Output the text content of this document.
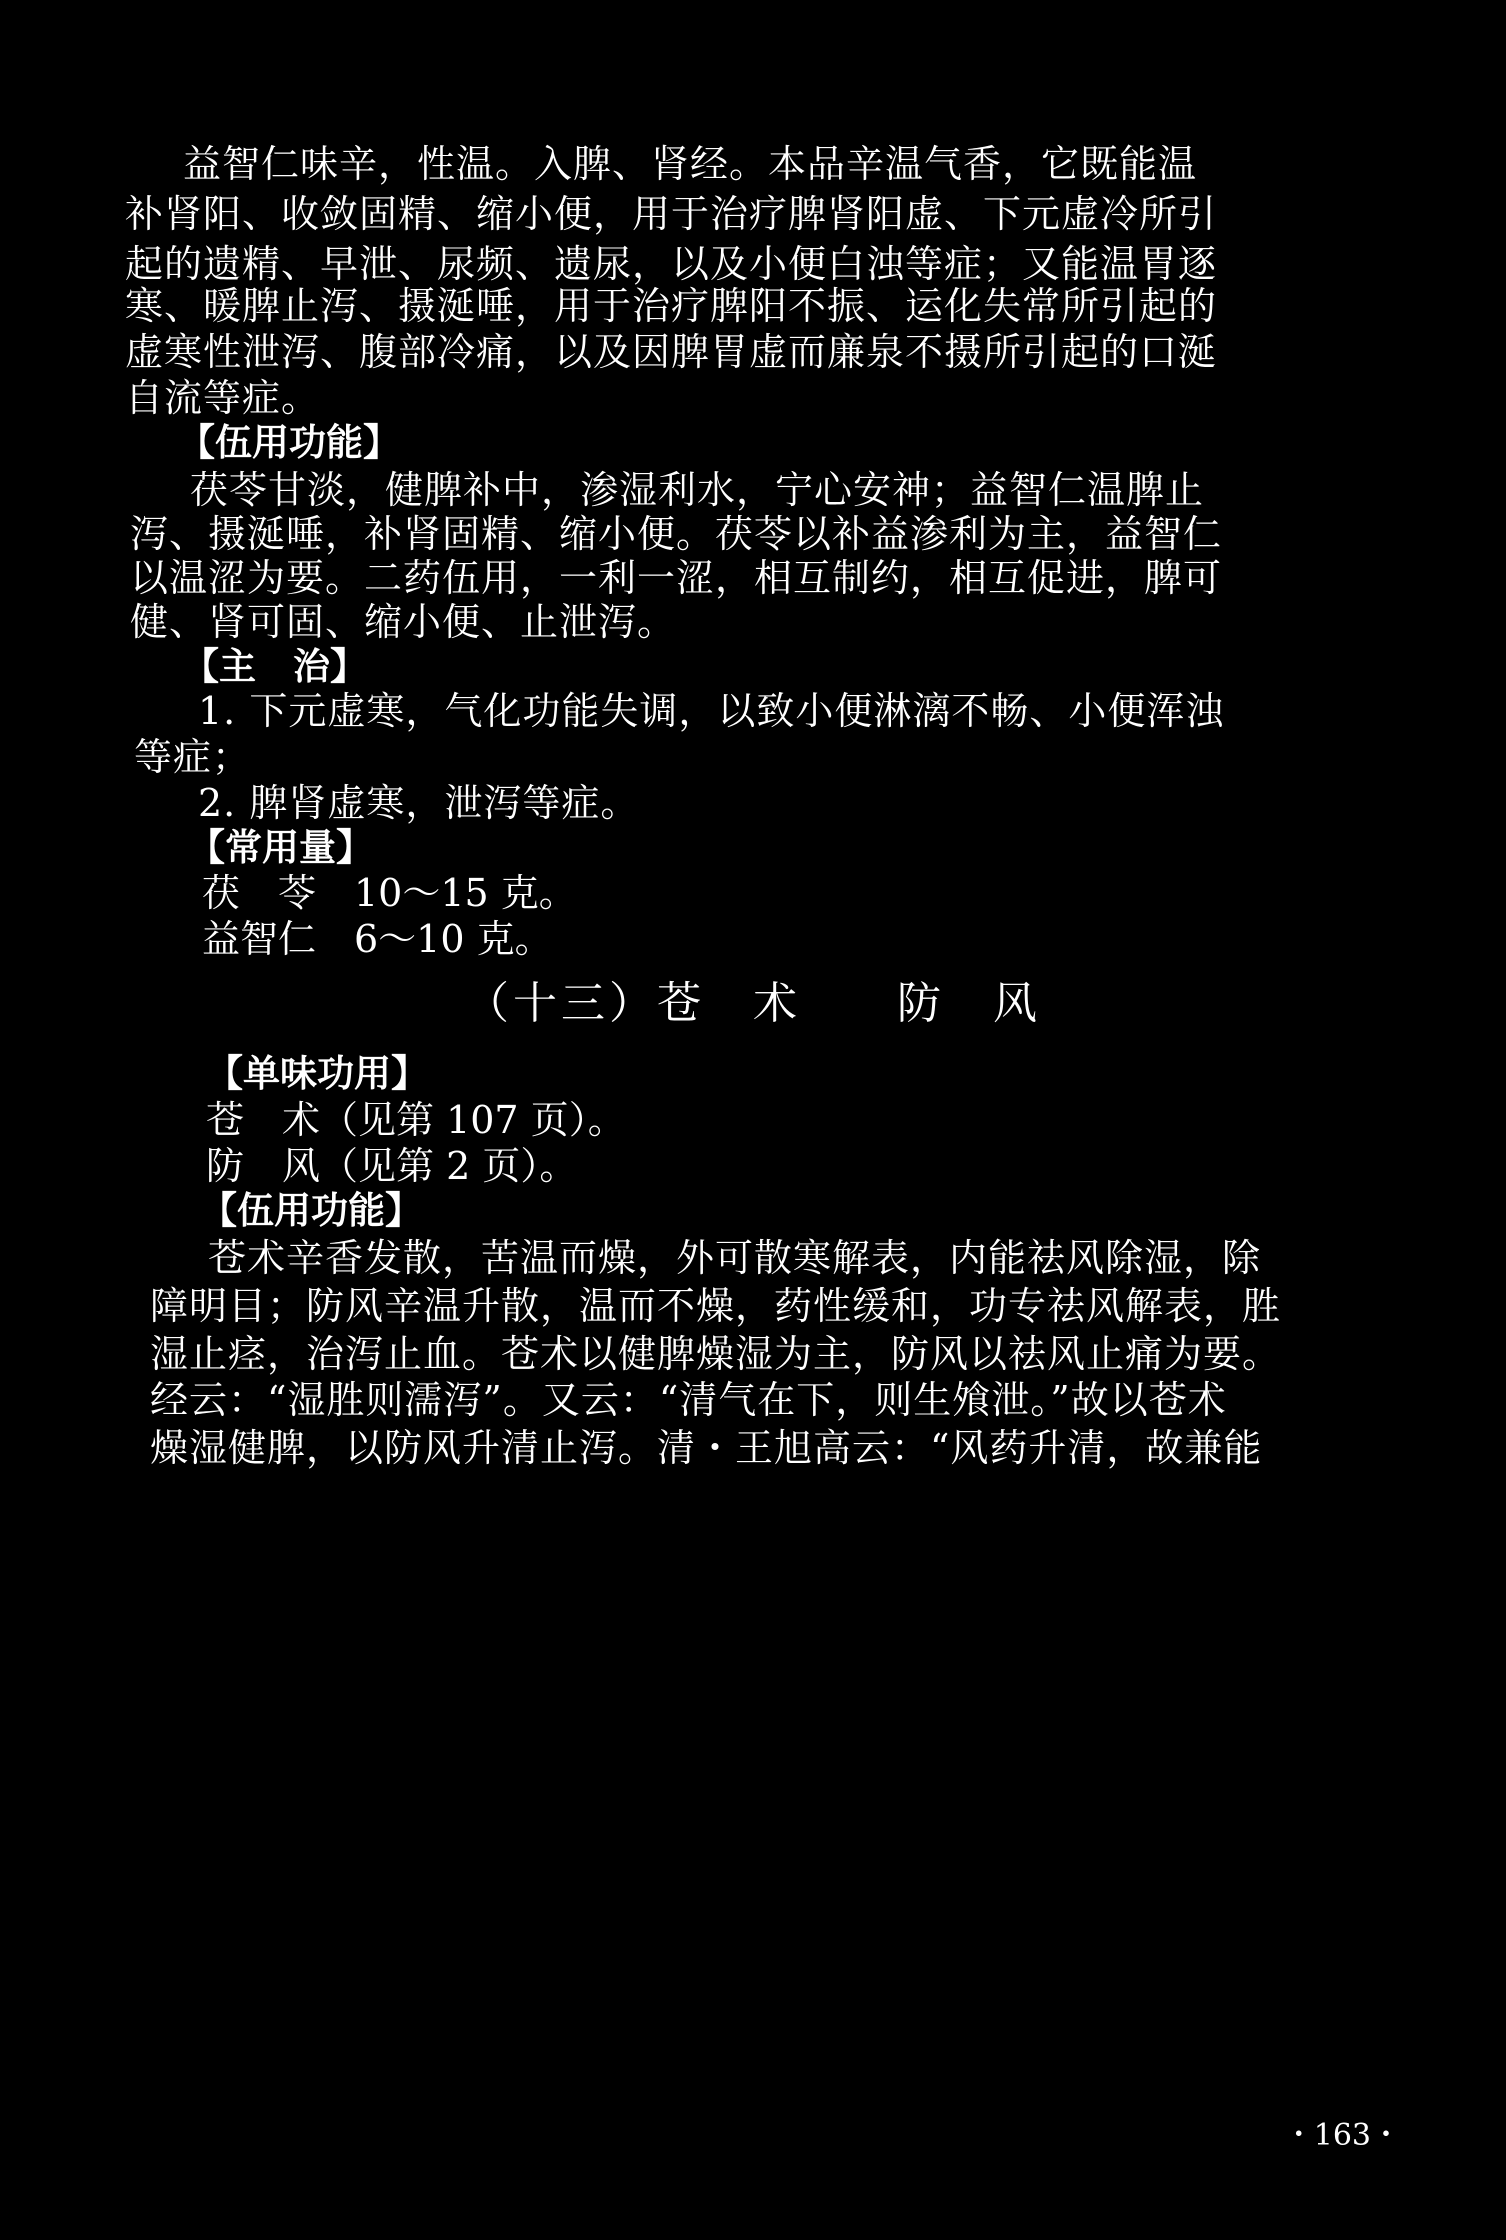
益智仁味辛，性温。入脾、肾经。本品辛温气香，它既能温
补肾阳、收敛固精、缩小便，用于治疗脾肾阳虚、下元虚冷所引
起的遗精、早泄、尿频、遗尿，以及小便白浊等症；又能温胃逐
寒、暖脾止泻、摄涎唾，用于治疗脾阳不振、运化失常所引起的
虚寒性泄泻、腹部冷痛，以及因脾胃虚而廉泉不摄所引起的口涎
自流等症。
【伍用功能】
茯苓甘淡，健脾补中，渗湿利水，宁心安神；益智仁温脾止
泻、摄涎唾，补肾固精、缩小便。茯苓以补益渗利为主，益智仁
以温涩为要。二药伍用，一利一涩，相互制约，相互促进，脾可
健、肾可固、缩小便、止泄泻。
【主　治】
1. 下元虚寒，气化功能失调，以致小便淋漓不畅、小便浑浊
等症；
2. 脾肾虚寒，泄泻等症。
【常用量】
茯　苓　10～15 克。
益智仁　6～10 克。
（十三）苍　术　　防　风
【单味功用】
苍　术（见第 107 页）。
防　风（见第 2 页）。
【伍用功能】
苍术辛香发散，苦温而燥，外可散寒解表，内能祛风除湿，除
障明目；防风辛温升散，温而不燥，药性缓和，功专祛风解表，胜
湿止痉，治泻止血。苍术以健脾燥湿为主，防风以祛风止痛为要。
经云：“湿胜则濡泻”。又云：“清气在下，则生飧泄。”故以苍术
燥湿健脾，以防风升清止泻。清・王旭高云：“风药升清，故兼能
・163・
